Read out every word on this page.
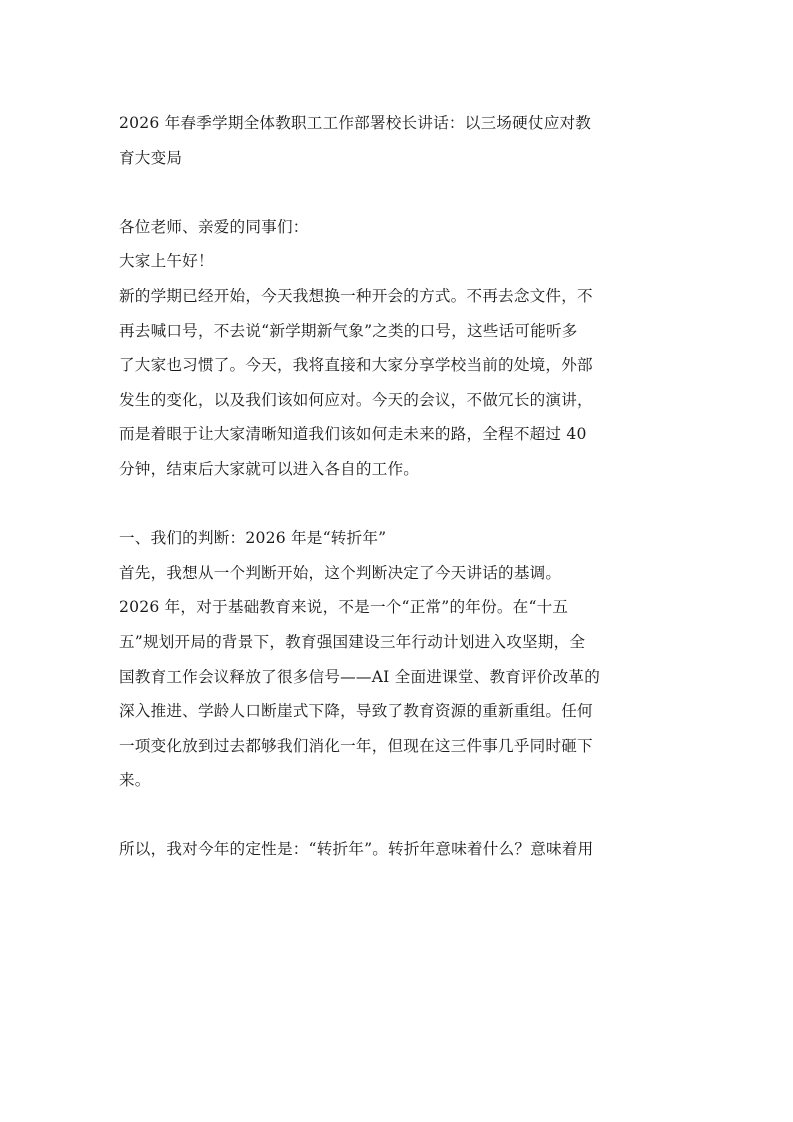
2026 年春季学期全体教职工工作部署校长讲话：以三场硬仗应对教
育大变局
各位老师、亲爱的同事们：
大家上午好！
新的学期已经开始，今天我想换一种开会的方式。不再去念文件，不
再去喊口号，不去说“新学期新气象”之类的口号，这些话可能听多
了大家也习惯了。今天，我将直接和大家分享学校当前的处境，外部
发生的变化，以及我们该如何应对。今天的会议，不做冗长的演讲，
而是着眼于让大家清晰知道我们该如何走未来的路，全程不超过 40
分钟，结束后大家就可以进入各自的工作。
一、我们的判断：2026 年是“转折年”
首先，我想从一个判断开始，这个判断决定了今天讲话的基调。
2026 年，对于基础教育来说，不是一个“正常”的年份。在“十五
五”规划开局的背景下，教育强国建设三年行动计划进入攻坚期，全
国教育工作会议释放了很多信号——AI 全面进课堂、教育评价改革的
深入推进、学龄人口断崖式下降，导致了教育资源的重新重组。任何
一项变化放到过去都够我们消化一年，但现在这三件事几乎同时砸下
来。
所以，我对今年的定性是：“转折年”。转折年意味着什么？意味着用
